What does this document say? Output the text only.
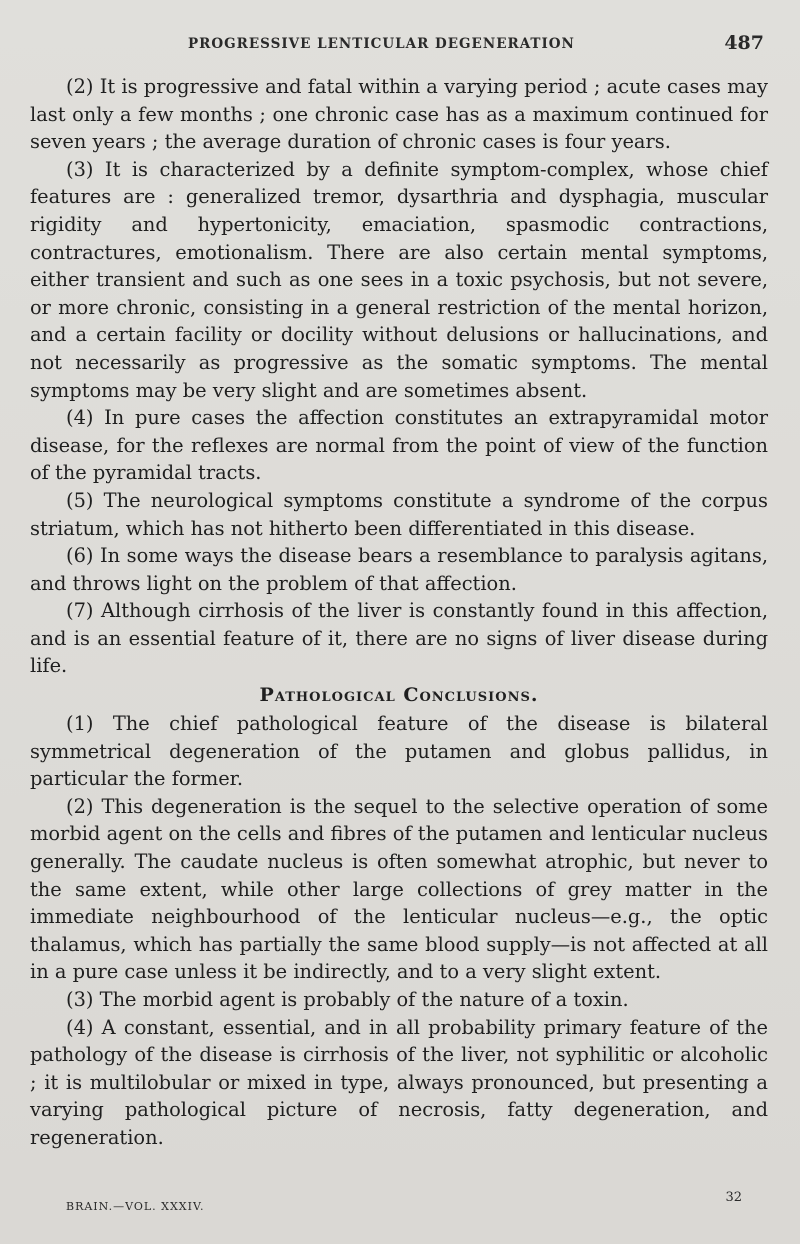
PROGRESSIVE LENTICULAR DEGENERATION	487

(2) It is progressive and fatal within a varying period ; acute cases may last only a few months ; one chronic case has as a maximum continued for seven years ; the average duration of chronic cases is four years.

(3) It is characterized by a definite symptom-complex, whose chief features are : generalized tremor, dysarthria and dysphagia, muscular rigidity and hypertonicity, emaciation, spasmodic contractions, contractures, emotionalism. There are also certain mental symptoms, either transient and such as one sees in a toxic psychosis, but not severe, or more chronic, consisting in a general restriction of the mental horizon, and a certain facility or docility without delusions or hallucinations, and not necessarily as progressive as the somatic symptoms. The mental symptoms may be very slight and are sometimes absent.

(4) In pure cases the affection constitutes an extrapyramidal motor disease, for the reflexes are normal from the point of view of the function of the pyramidal tracts.

(5) The neurological symptoms constitute a syndrome of the corpus striatum, which has not hitherto been differentiated in this disease.

(6) In some ways the disease bears a resemblance to paralysis agitans, and throws light on the problem of that affection.

(7) Although cirrhosis of the liver is constantly found in this affection, and is an essential feature of it, there are no signs of liver disease during life.

Pathological Conclusions.

(1) The chief pathological feature of the disease is bilateral symmetrical degeneration of the putamen and globus pallidus, in particular the former.

(2) This degeneration is the sequel to the selective operation of some morbid agent on the cells and fibres of the putamen and lenticular nucleus generally. The caudate nucleus is often somewhat atrophic, but never to the same extent, while other large collections of grey matter in the immediate neighbourhood of the lenticular nucleus—e.g., the optic thalamus, which has partially the same blood supply—is not affected at all in a pure case unless it be indirectly, and to a very slight extent.

(3) The morbid agent is probably of the nature of a toxin.

(4) A constant, essential, and in all probability primary feature of the pathology of the disease is cirrhosis of the liver, not syphilitic or alcoholic ; it is multilobular or mixed in type, always pronounced, but presenting a varying pathological picture of necrosis, fatty degeneration, and regeneration.

BRAIN.—VOL. XXXIV.
32
